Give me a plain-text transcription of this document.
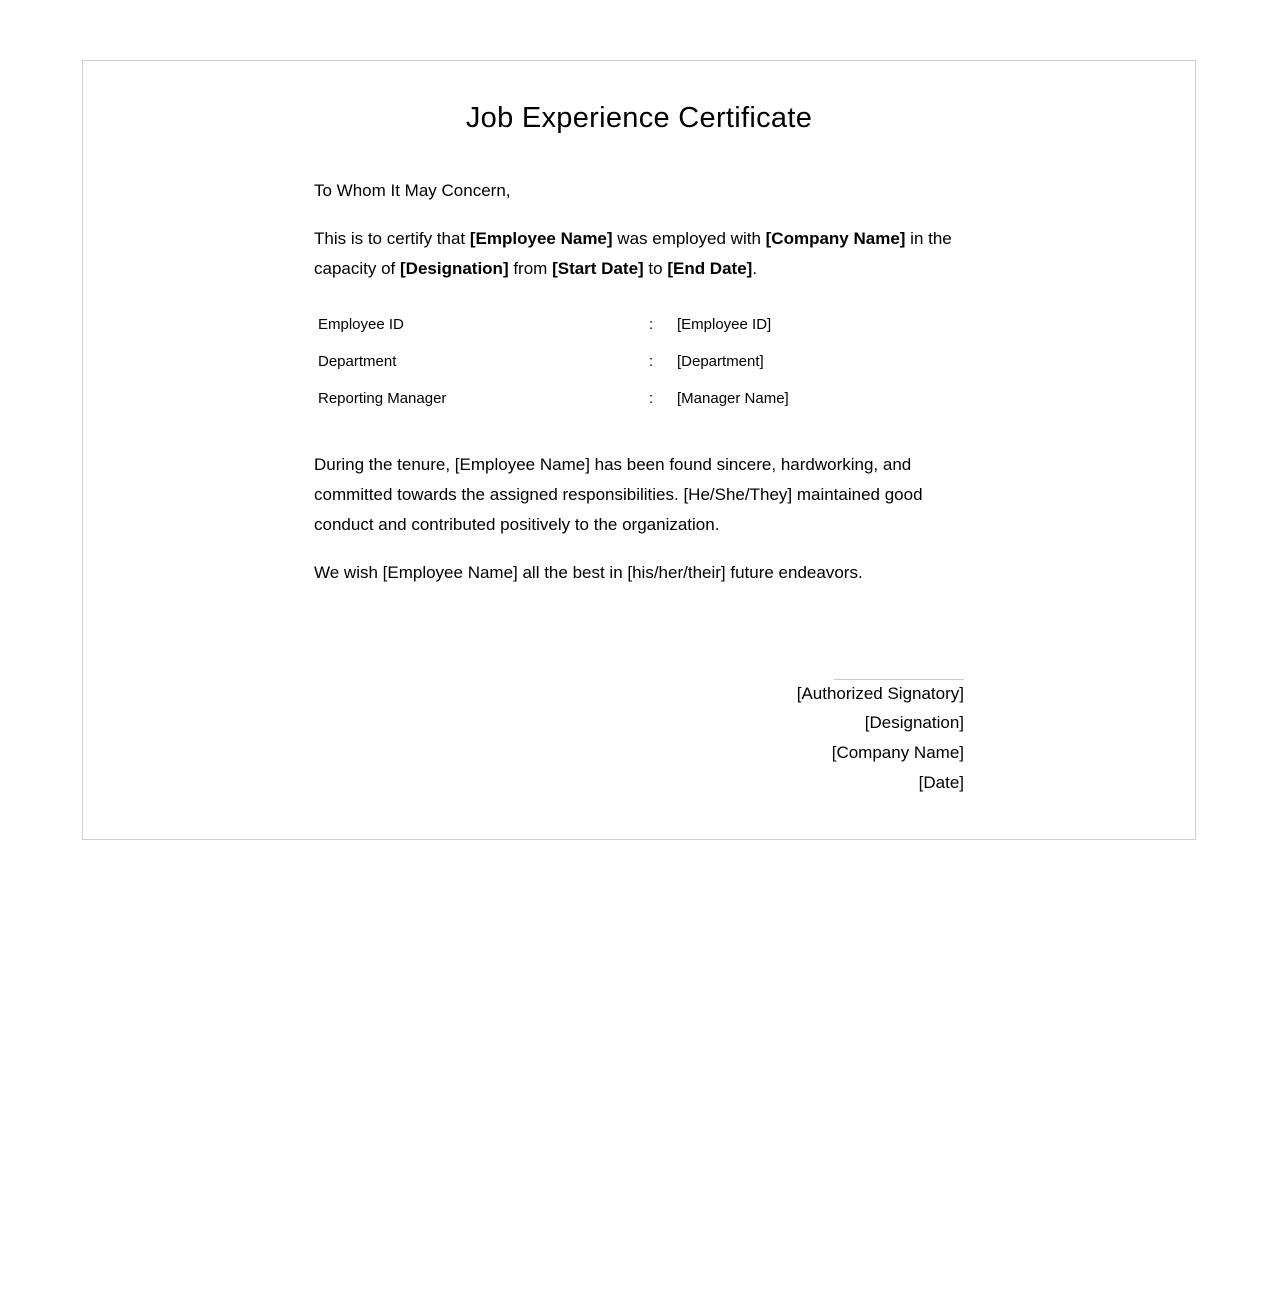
Job Experience Certificate

To Whom It May Concern,

This is to certify that [Employee Name] was employed with [Company Name] in the capacity of [Designation] from [Start Date] to [End Date].

Employee ID	: [Employee ID]
Department	: [Department]
Reporting Manager	: [Manager Name]

During the tenure, [Employee Name] has been found sincere, hardworking, and committed towards the assigned responsibilities. [He/She/They] maintained good conduct and contributed positively to the organization.

We wish [Employee Name] all the best in [his/her/their] future endeavors.

[Authorized Signatory]
[Designation]
[Company Name]
[Date]
